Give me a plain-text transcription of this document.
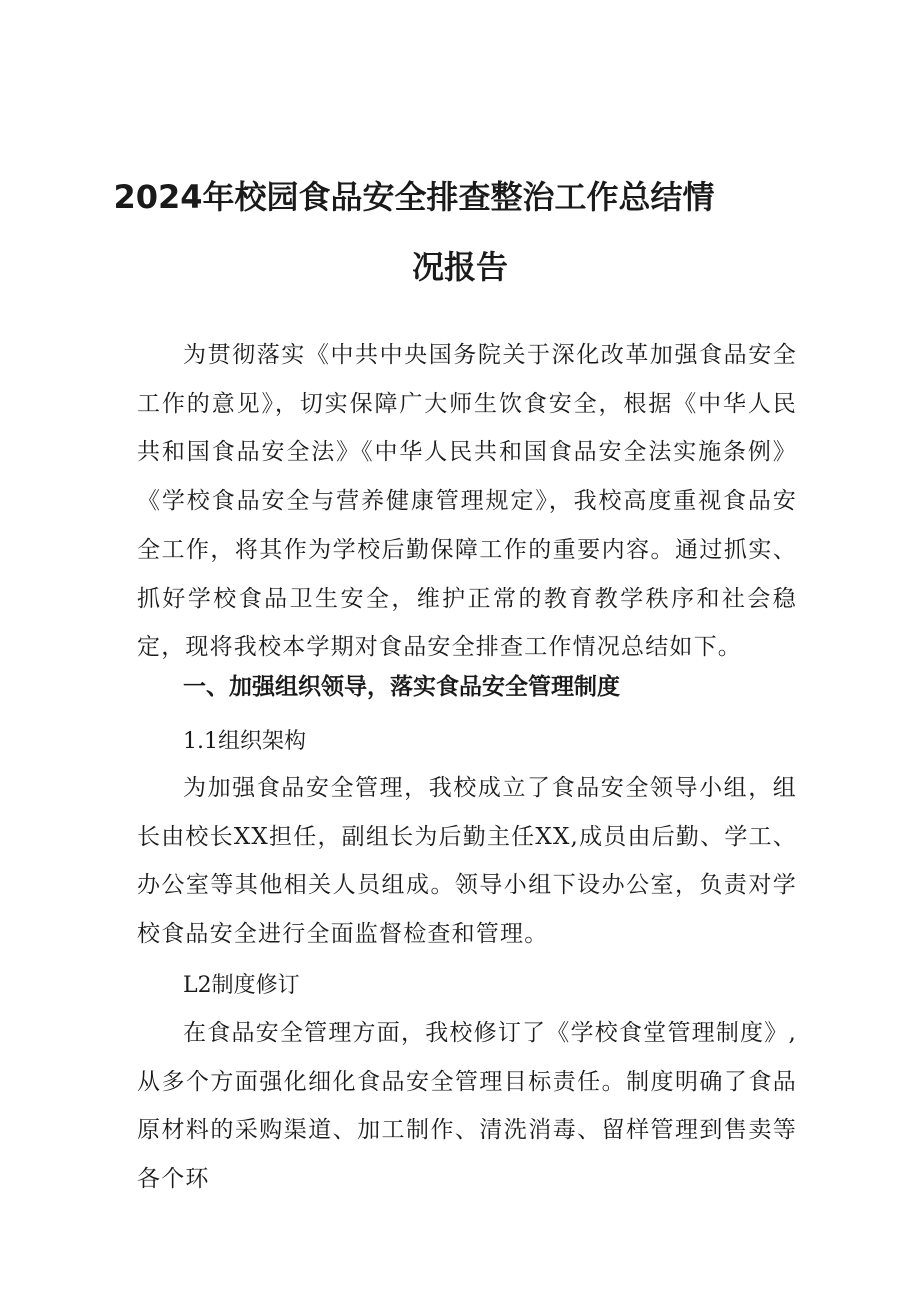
2024年校园食品安全排查整治工作总结情
况报告

为贯彻落实《中共中央国务院关于深化改革加强食品安全工作的意见》，切实保障广大师生饮食安全，根据《中华人民共和国食品安全法》《中华人民共和国食品安全法实施条例》《学校食品安全与营养健康管理规定》，我校高度重视食品安全工作，将其作为学校后勤保障工作的重要内容。通过抓实、抓好学校食品卫生安全，维护正常的教育教学秩序和社会稳定，现将我校本学期对食品安全排查工作情况总结如下。

一、加强组织领导，落实食品安全管理制度

1.1组织架构

为加强食品安全管理，我校成立了食品安全领导小组，组长由校长XX担任，副组长为后勤主任XX,成员由后勤、学工、办公室等其他相关人员组成。领导小组下设办公室，负责对学校食品安全进行全面监督检查和管理。

L2制度修订

在食品安全管理方面，我校修订了《学校食堂管理制度》,从多个方面强化细化食品安全管理目标责任。制度明确了食品原材料的采购渠道、加工制作、清洗消毒、留样管理到售卖等各个环
